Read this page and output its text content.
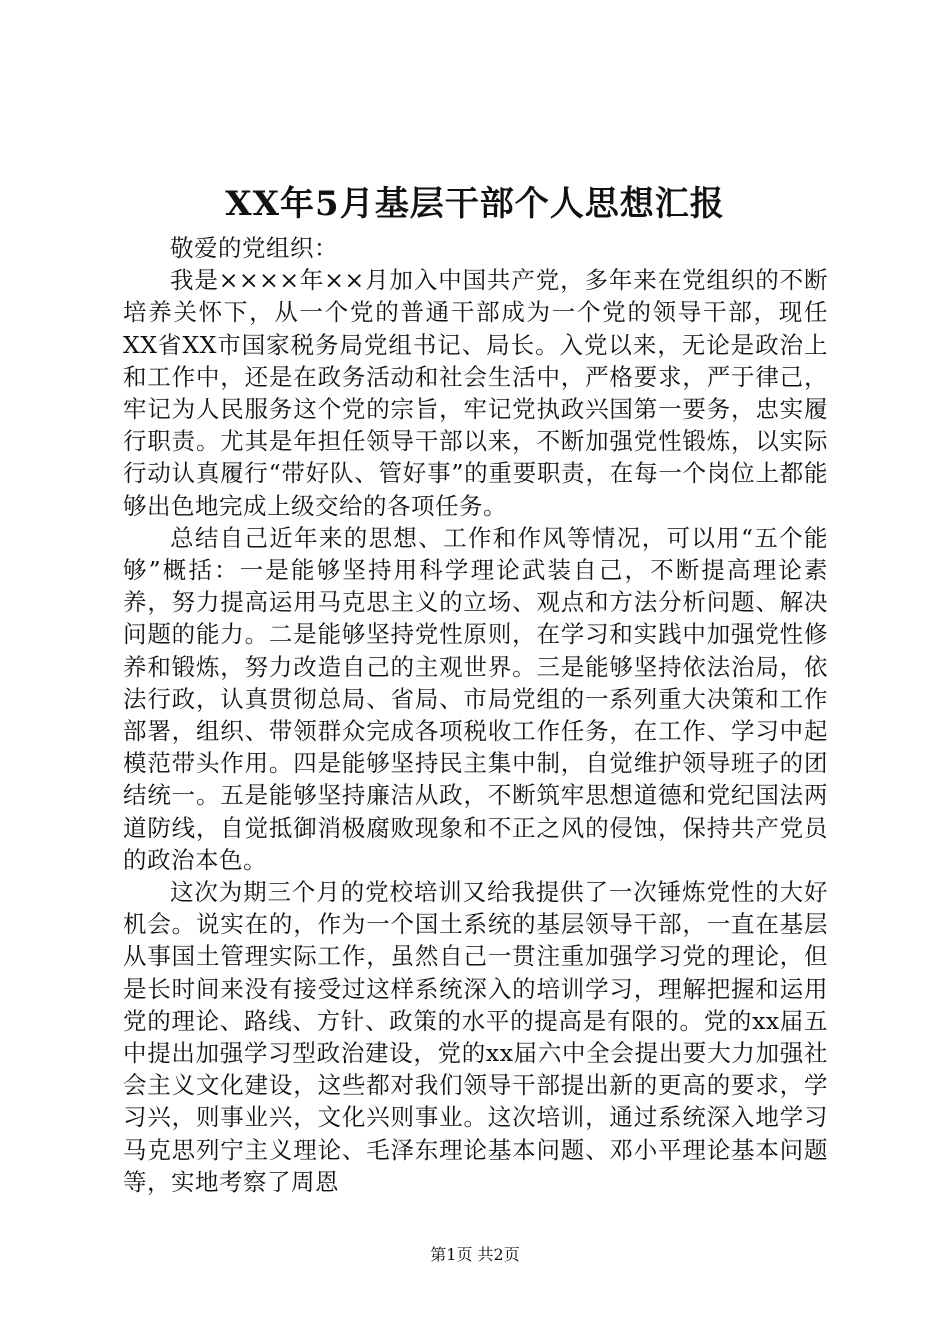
XX年5月基层干部个人思想汇报

敬爱的党组织：

我是××××年××月加入中国共产党，多年来在党组织的不断培养关怀下，从一个党的普通干部成为一个党的领导干部，现任XX省XX市国家税务局党组书记、局长。入党以来，无论是政治上和工作中，还是在政务活动和社会生活中，严格要求，严于律己，牢记为人民服务这个党的宗旨，牢记党执政兴国第一要务，忠实履行职责。尤其是年担任领导干部以来，不断加强党性锻炼，以实际行动认真履行“带好队、管好事”的重要职责，在每一个岗位上都能够出色地完成上级交给的各项任务。

总结自己近年来的思想、工作和作风等情况，可以用“五个能够”概括：一是能够坚持用科学理论武装自己，不断提高理论素养，努力提高运用马克思主义的立场、观点和方法分析问题、解决问题的能力。二是能够坚持党性原则，在学习和实践中加强党性修养和锻炼，努力改造自己的主观世界。三是能够坚持依法治局，依法行政，认真贯彻总局、省局、市局党组的一系列重大决策和工作部署，组织、带领群众完成各项税收工作任务，在工作、学习中起模范带头作用。四是能够坚持民主集中制，自觉维护领导班子的团结统一。五是能够坚持廉洁从政，不断筑牢思想道德和党纪国法两道防线，自觉抵御消极腐败现象和不正之风的侵蚀，保持共产党员的政治本色。

这次为期三个月的党校培训又给我提供了一次锤炼党性的大好机会。说实在的，作为一个国土系统的基层领导干部，一直在基层从事国土管理实际工作，虽然自己一贯注重加强学习党的理论，但是长时间来没有接受过这样系统深入的培训学习，理解把握和运用党的理论、路线、方针、政策的水平的提高是有限的。党的xx届五中提出加强学习型政治建设，党的xx届六中全会提出要大力加强社会主义文化建设，这些都对我们领导干部提出新的更高的要求，学习兴，则事业兴，文化兴则事业。这次培训，通过系统深入地学习马克思列宁主义理论、毛泽东理论基本问题、邓小平理论基本问题等，实地考察了周恩

第1页 共2页
